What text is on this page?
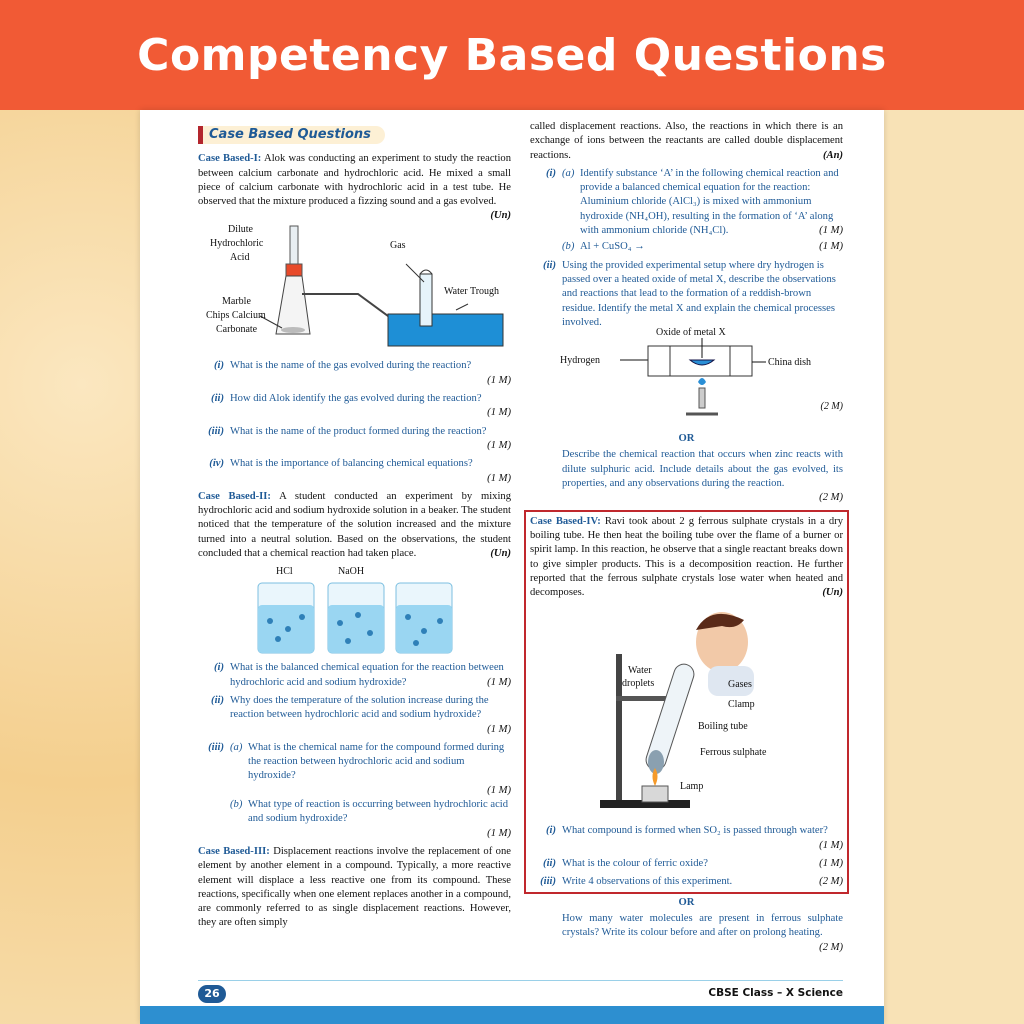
Competency Based Questions
Case Based Questions

Case Based-I: Alok was conducting an experiment to study the reaction between calcium carbonate and hydrochloric acid. He mixed a small piece of calcium carbonate with hydrochloric acid in a test tube. He observed that the mixture produced a fizzing sound and a gas evolved.
(Un)

Dilute
Hydrochloric
Acid
Gas
Water Trough
Marble
Chips Calcium
Carbonate
(i) What is the name of the gas evolved during the reaction?
(1 M)
(ii) How did Alok identify the gas evolved during the reaction?
(1 M)
(iii) What is the name of the product formed during the reaction?
(1 M)
(iv) What is the importance of balancing chemical equations?
(1 M)

Case Based-II: A student conducted an experiment by mixing hydrochloric acid and sodium hydroxide solution in a beaker. The student noticed that the temperature of the solution increased and the mixture turned into a neutral solution. Based on the observations, the student concluded that a chemical reaction had taken place.	(Un)

HCl	NaOH
(i) What is the balanced chemical equation for the reaction between hydrochloric acid and sodium hydroxide?	(1 M)
(ii) Why does the temperature of the solution increase during the reaction between hydrochloric acid and sodium hydroxide?
(1 M)
(iii) (a) What is the chemical name for the compound formed during the reaction between hydrochloric acid and sodium hydroxide?
(1 M)
(b) What type of reaction is occurring between hydrochloric acid and sodium hydroxide?
(1 M)

Case Based-III: Displacement reactions involve the replacement of one element by another element in a compound. Typically, a more reactive element will displace a less reactive one from its compound. These reactions, specifically when one element replaces another in a compound, are commonly referred to as single displacement reactions. However, they are often simply

called displacement reactions. Also, the reactions in which there is an exchange of ions between the reactants are called double displacement reactions.	(An)

(i) (a) Identify substance ‘A’ in the following chemical reaction and provide a balanced chemical equation for the reaction:
Aluminium chloride (AlCl₃) is mixed with ammonium hydroxide (NH₄OH), resulting in the formation of ‘A’ along with ammonium chloride (NH₄Cl).	(1 M)
(b) Al + CuSO₄ →	(1 M)
(ii) Using the provided experimental setup where dry hydrogen is passed over a heated oxide of metal X, describe the observations and reactions that lead to the formation of a reddish-brown residue. Identify the metal X and explain the chemical processes involved.
Oxide of metal X
Hydrogen	China dish
(2 M)
OR

Describe the chemical reaction that occurs when zinc reacts with dilute sulphuric acid. Include details about the gas evolved, its properties, and any observations during the reaction.

(2 M)

Case Based-IV: Ravi took about 2 g ferrous sulphate crystals in a dry boiling tube. He then heat the boiling tube over the flame of a burner or spirit lamp. In this reaction, he observe that a single reactant breaks down to give simpler products. This is a decomposition reaction. He further reported that the ferrous sulphate crystals lose water when heated and decomposes.	(Un)

Water
droplets	Gases
Clamp
Boiling tube
Ferrous sulphate
Lamp
(i) What compound is formed when SO₂ is passed through water?
(1 M)
(ii) What is the colour of ferric oxide?	(1 M)
(iii) Write 4 observations of this experiment.	(2 M)
OR

How many water molecules are present in ferrous sulphate crystals? Write its colour before and after on prolong heating.

(2 M)
26	CBSE Class – X Science
